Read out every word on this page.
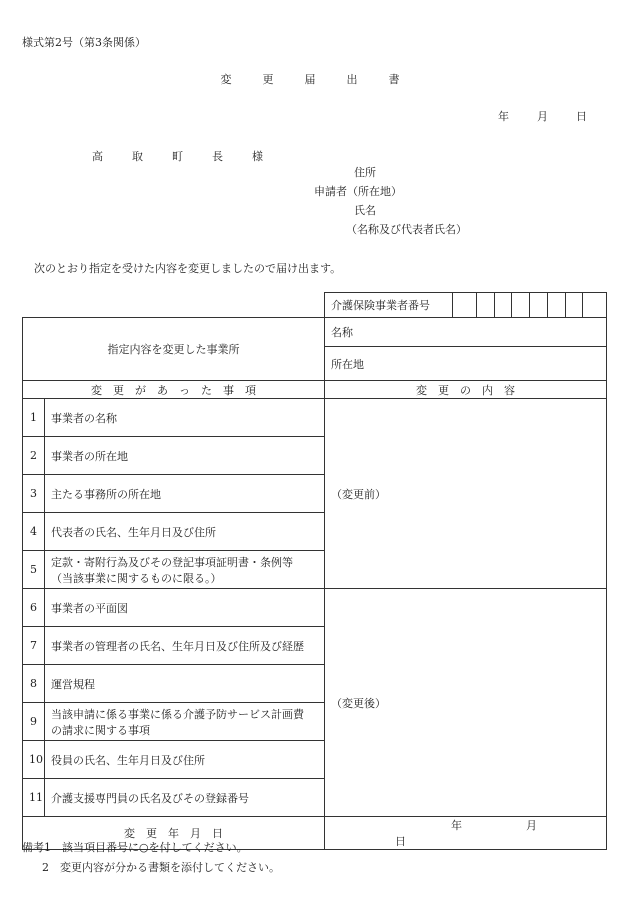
様式第2号（第3条関係）
変　更　届　出　書
年	月	日
高　取　町　長　様
住所
申請者（所在地）
氏名
（名称及び代表者氏名）
次のとおり指定を受けた内容を変更しましたので届け出ます。
		介護保険事業者番号	

指定内容を変更した事業所		名称	
		所在地	
変　更　が　あ　っ　た　事　項		変　更　の　内　容	
1	事業者の名称	（変更前）	
2	事業者の所在地		
3	主たる事務所の所在地		
4	代表者の氏名、生年月日及び住所		
5	定款・寄附行為及びその登記事項証明書・条例等
（当該事業に関するものに限る。）		

6	事業者の平面図	（変更後）	
7	事業者の管理者の氏名、生年月日及び住所及び経歴		
8	運営規程		
9	当該申請に係る事業に係る介護予防サービス計画費
の請求に関する事項		

10	役員の氏名、生年月日及び住所		
11	介護支援専門員の氏名及びその登録番号		
変　更　年　月　日		年 月日	
備考1　該当項目番号に○を付してください。
2　変更内容が分かる書類を添付してください。
